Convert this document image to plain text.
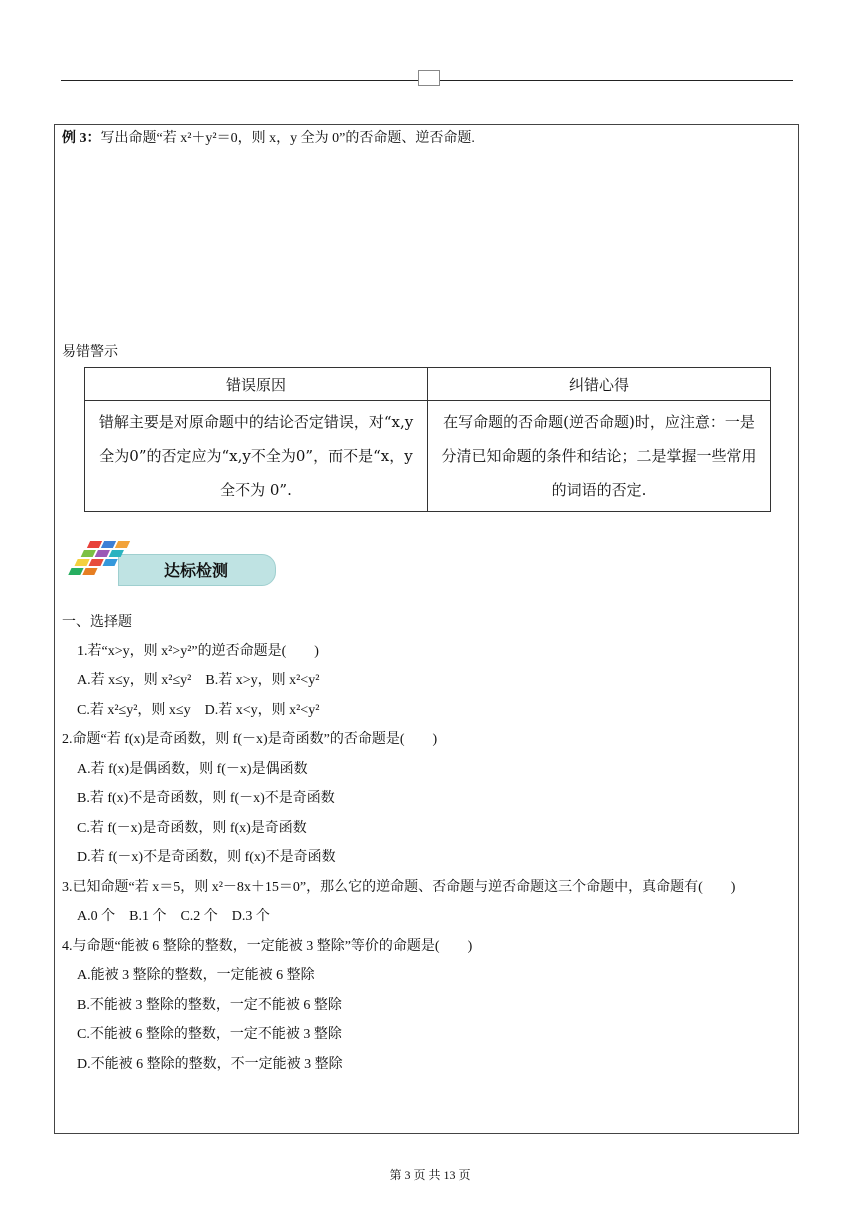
例 3：写出命题“若 x²＋y²＝0，则 x，y 全为 0”的否命题、逆否命题.
易错警示
错误原因	纠错心得
错解主要是对原命题中的结论否定错误，对“x,y全为0”的否定应为“x,y不全为0”，而不是“x，y 全不为 0”.	在写命题的否命题(逆否命题)时，应注意：一是分清已知命题的条件和结论；二是掌握一些常用的词语的否定.
达标检测
一、选择题
1.若“x>y，则 x²>y²”的逆否命题是(　　)
A.若 x≤y，则 x²≤y²　B.若 x>y，则 x²<y²
C.若 x²≤y²，则 x≤y　D.若 x<y，则 x²<y²
2.命题“若 f(x)是奇函数，则 f(－x)是奇函数”的否命题是(　　)
A.若 f(x)是偶函数，则 f(－x)是偶函数
B.若 f(x)不是奇函数，则 f(－x)不是奇函数
C.若 f(－x)是奇函数，则 f(x)是奇函数
D.若 f(－x)不是奇函数，则 f(x)不是奇函数
3.已知命题“若 x＝5，则 x²－8x＋15＝0”，那么它的逆命题、否命题与逆否命题这三个命题中，真命题有(　　)
A.0 个　B.1 个　C.2 个　D.3 个
4.与命题“能被 6 整除的整数，一定能被 3 整除”等价的命题是(　　)
A.能被 3 整除的整数，一定能被 6 整除
B.不能被 3 整除的整数，一定不能被 6 整除
C.不能被 6 整除的整数，一定不能被 3 整除
D.不能被 6 整除的整数，不一定能被 3 整除
第 3 页 共 13 页
